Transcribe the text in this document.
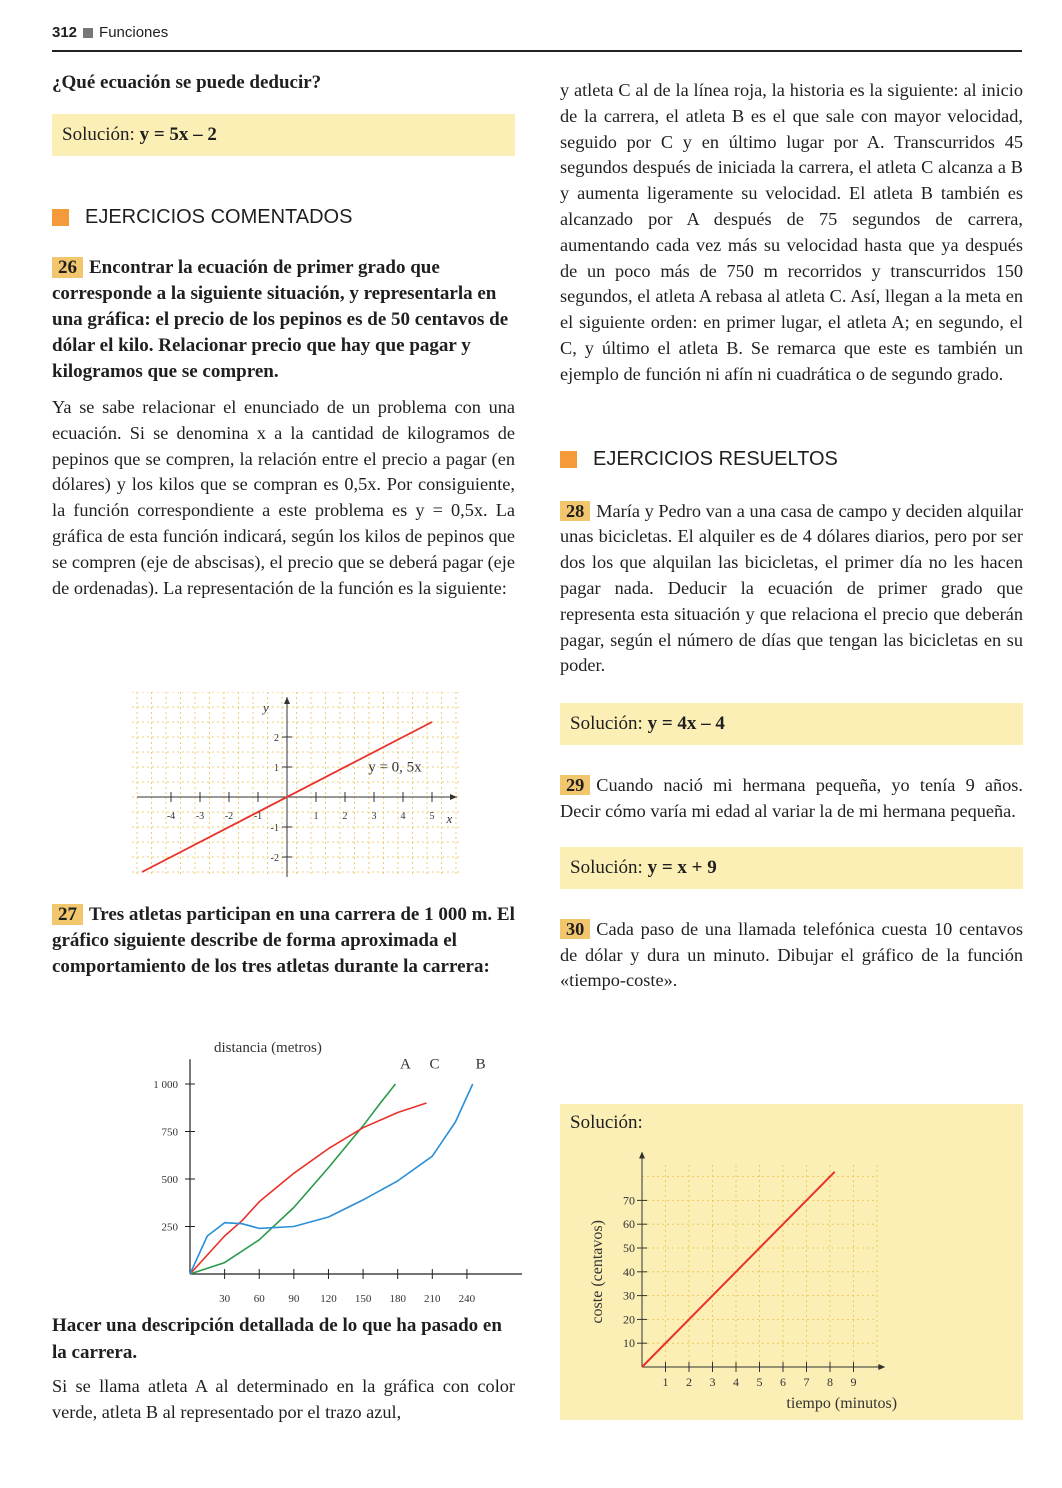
312 Funciones

¿Qué ecuación se puede deducir?

Solución: y = 5x – 2
EJERCICIOS COMENTADOS

26 Encontrar la ecuación de primer grado que corresponde a la siguiente situación, y representarla en una gráfica: el precio de los pepinos es de 50 centavos de dólar el kilo. Relacionar precio que hay que pagar y kilogramos que se compren.

Ya se sabe relacionar el enunciado de un problema con una ecuación. Si se denomina x a la cantidad de kilogramos de pepinos que se compren, la relación entre el precio a pagar (en dólares) y los kilos que se compran es 0,5x. Por consiguiente, la función correspondiente a este problema es y = 0,5x. La gráfica de esta función indicará, según los kilos de pepinos que se compren (eje de abscisas), el precio que se deberá pagar (eje de ordenadas). La representación de la función es la siguiente:

-4 -3 -2 -1	1 2 3 4 5
-2
-1
1
2
y
x
y = 0, 5x

27 Tres atletas participan en una carrera de 1 000 m. El gráfico siguiente describe de forma aproximada el comportamiento de los tres atletas durante la carrera:

30 60 90 120 150 180 210 240
250
500
750
1 000
distancia (metros)
A C B

Hacer una descripción detallada de lo que ha pasado en la carrera.

Si se llama atleta A al determinado en la gráfica con color verde, atleta B al representado por el trazo azul,

y atleta C al de la línea roja, la historia es la siguiente: al inicio de la carrera, el atleta B es el que sale con mayor velocidad, seguido por C y en último lugar por A. Transcurridos 45 segundos después de iniciada la carrera, el atleta C alcanza a B y aumenta ligeramente su velocidad. El atleta B también es alcanzado por A después de 75 segundos de carrera, aumentando cada vez más su velocidad hasta que ya después de un poco más de 750 m recorridos y transcurridos 150 segundos, el atleta A rebasa al atleta C. Así, llegan a la meta en el siguiente orden: en primer lugar, el atleta A; en segundo, el C, y último el atleta B. Se remarca que este es también un ejemplo de función ni afín ni cuadrática o de segundo grado.

EJERCICIOS RESUELTOS

28 María y Pedro van a una casa de campo y deciden alquilar unas bicicletas. El alquiler es de 4 dólares diarios, pero por ser dos los que alquilan las bicicletas, el primer día no les hacen pagar nada. Deducir la ecuación de primer grado que representa esta situación y que relaciona el precio que deberán pagar, según el número de días que tengan las bicicletas en su poder.

Solución: y = 4x – 4

29 Cuando nació mi hermana pequeña, yo tenía 9 años. Decir cómo varía mi edad al variar la de mi hermana pequeña.

Solución: y = x + 9

30 Cada paso de una llamada telefónica cuesta 10 centavos de dólar y dura un minuto. Dibujar el gráfico de la función «tiempo-coste».

Solución:
1 2 3 4 5 6 7 8 9
10
20
30
40
50
60
70
coste (centavos)
tiempo (minutos)
